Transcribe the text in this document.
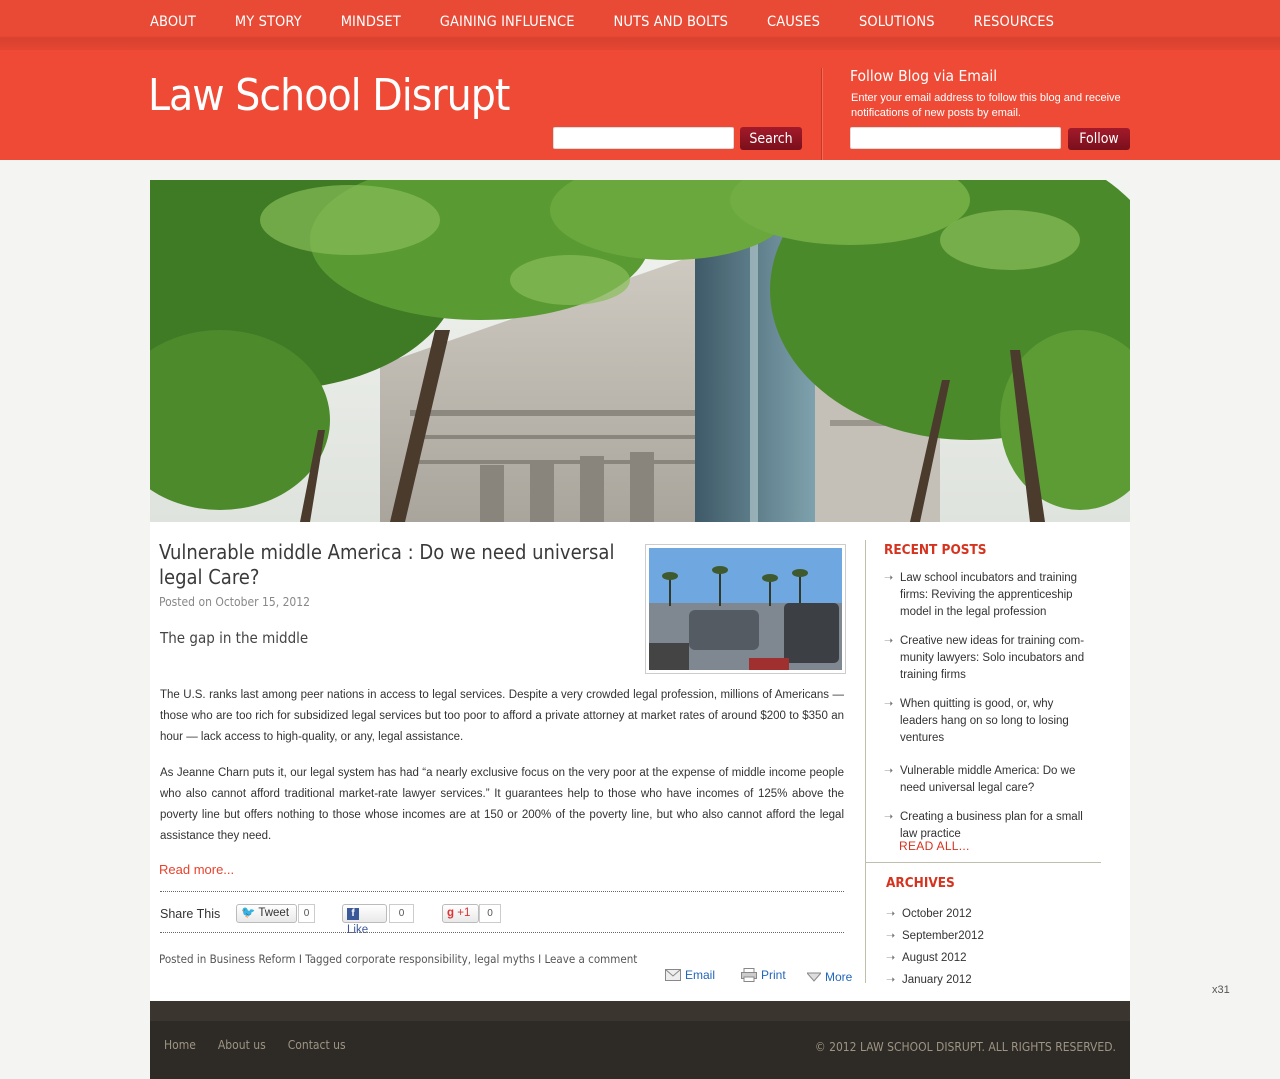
ABOUT	MY STORY	MINDSET	GAINING INFLUENCE	NUTS AND BOLTS	CAUSES	SOLUTIONS	RESOURCES
Law School Disrupt
Search
Follow Blog via Email
Enter your email address to follow this blog and receive notifications of new posts by email.
Follow
Vulnerable middle America : Do we need universal legal Care?
Posted on October 15, 2012
The gap in the middle

The U.S. ranks last among peer nations in access to legal services. Despite a very crowded legal profession, millions of Americans — those who are too rich for subsidized legal services but too poor to afford a private attorney at market rates of around $200 to $350 an hour — lack access to high-quality, or any, legal assistance.

As Jeanne Charn puts it, our legal system has had “a nearly exclusive focus on the very poor at the expense of middle income people who also cannot afford traditional market-rate lawyer services.” It guarantees help to those who have incomes of 125% above the poverty line but offers nothing to those whose incomes are at 150 or 200% of the poverty line, but who also cannot afford the legal assistance they need.

Read more...
Share This	🐦 Tweet	0	f Like
0	g +1	0
Posted in Business Reform I Tagged corporate responsibility, legal myths I Leave a comment
Email	Print	More
RECENT POSTS
➝ Law school incubators and training firms: Reviving the apprenticeship model in the legal profession
➝ Creative new ideas for training com-munity lawyers: Solo incubators and training firms
➝ When quitting is good, or, why leaders hang on so long to losing ventures
➝ Vulnerable middle America: Do we need universal legal care?
➝ Creating a business plan for a small law practice
READ ALL...
ARCHIVES
➝ October 2012
➝ September2012
➝ August 2012
➝ January 2012
x31
Home About us Contact us	© 2012 LAW SCHOOL DISRUPT. ALL RIGHTS RESERVED.
